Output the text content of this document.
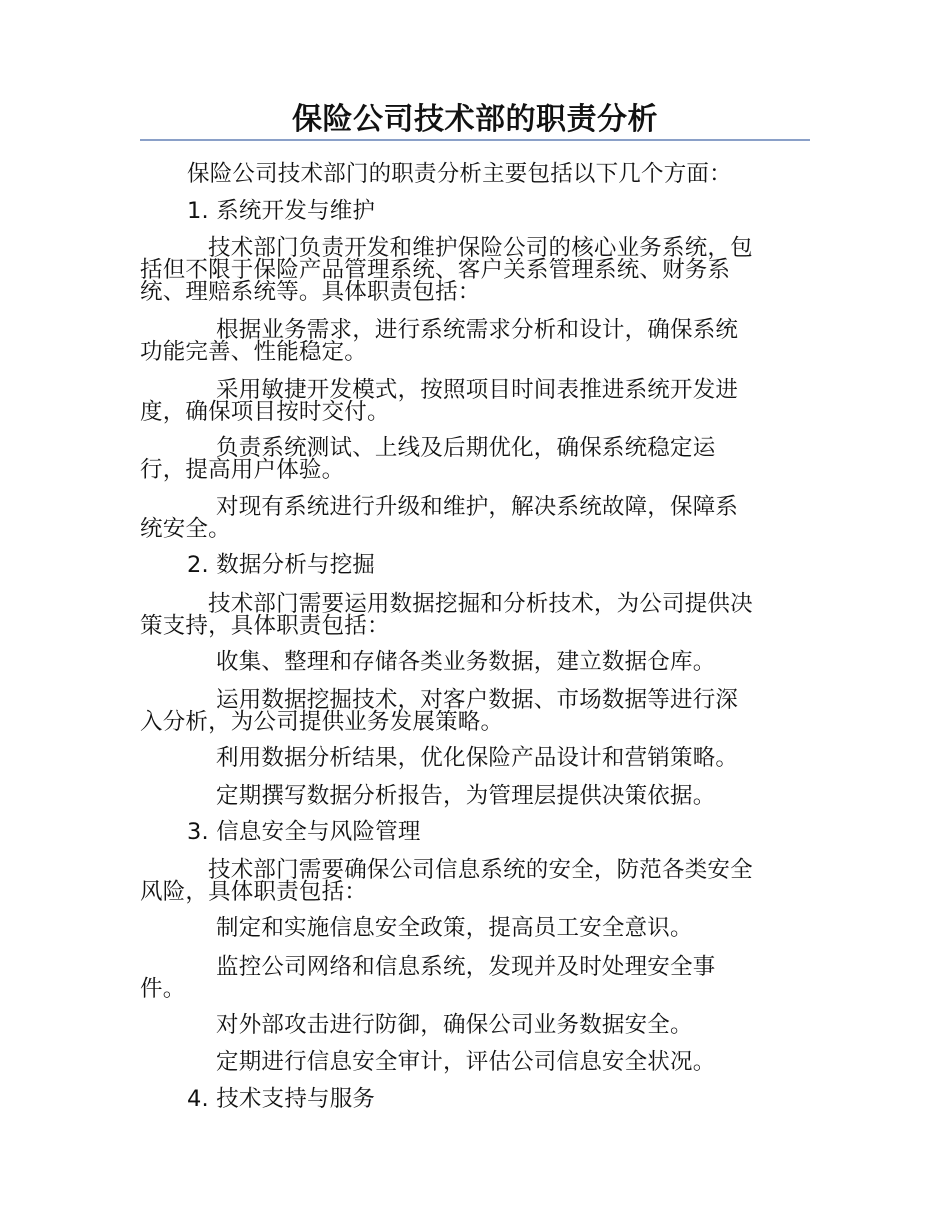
保险公司技术部的职责分析
保险公司技术部门的职责分析主要包括以下几个方面：
1. 系统开发与维护
技术部门负责开发和维护保险公司的核心业务系统，包
括但不限于保险产品管理系统、客户关系管理系统、财务系
统、理赔系统等。具体职责包括：
根据业务需求，进行系统需求分析和设计，确保系统
功能完善、性能稳定。
采用敏捷开发模式，按照项目时间表推进系统开发进
度，确保项目按时交付。
负责系统测试、上线及后期优化，确保系统稳定运
行，提高用户体验。
对现有系统进行升级和维护，解决系统故障，保障系
统安全。
2. 数据分析与挖掘
技术部门需要运用数据挖掘和分析技术，为公司提供决
策支持，具体职责包括：
收集、整理和存储各类业务数据，建立数据仓库。
运用数据挖掘技术，对客户数据、市场数据等进行深
入分析，为公司提供业务发展策略。
利用数据分析结果，优化保险产品设计和营销策略。
定期撰写数据分析报告，为管理层提供决策依据。
3. 信息安全与风险管理
技术部门需要确保公司信息系统的安全，防范各类安全
风险，具体职责包括：
制定和实施信息安全政策，提高员工安全意识。
监控公司网络和信息系统，发现并及时处理安全事
件。
对外部攻击进行防御，确保公司业务数据安全。
定期进行信息安全审计，评估公司信息安全状况。
4. 技术支持与服务
